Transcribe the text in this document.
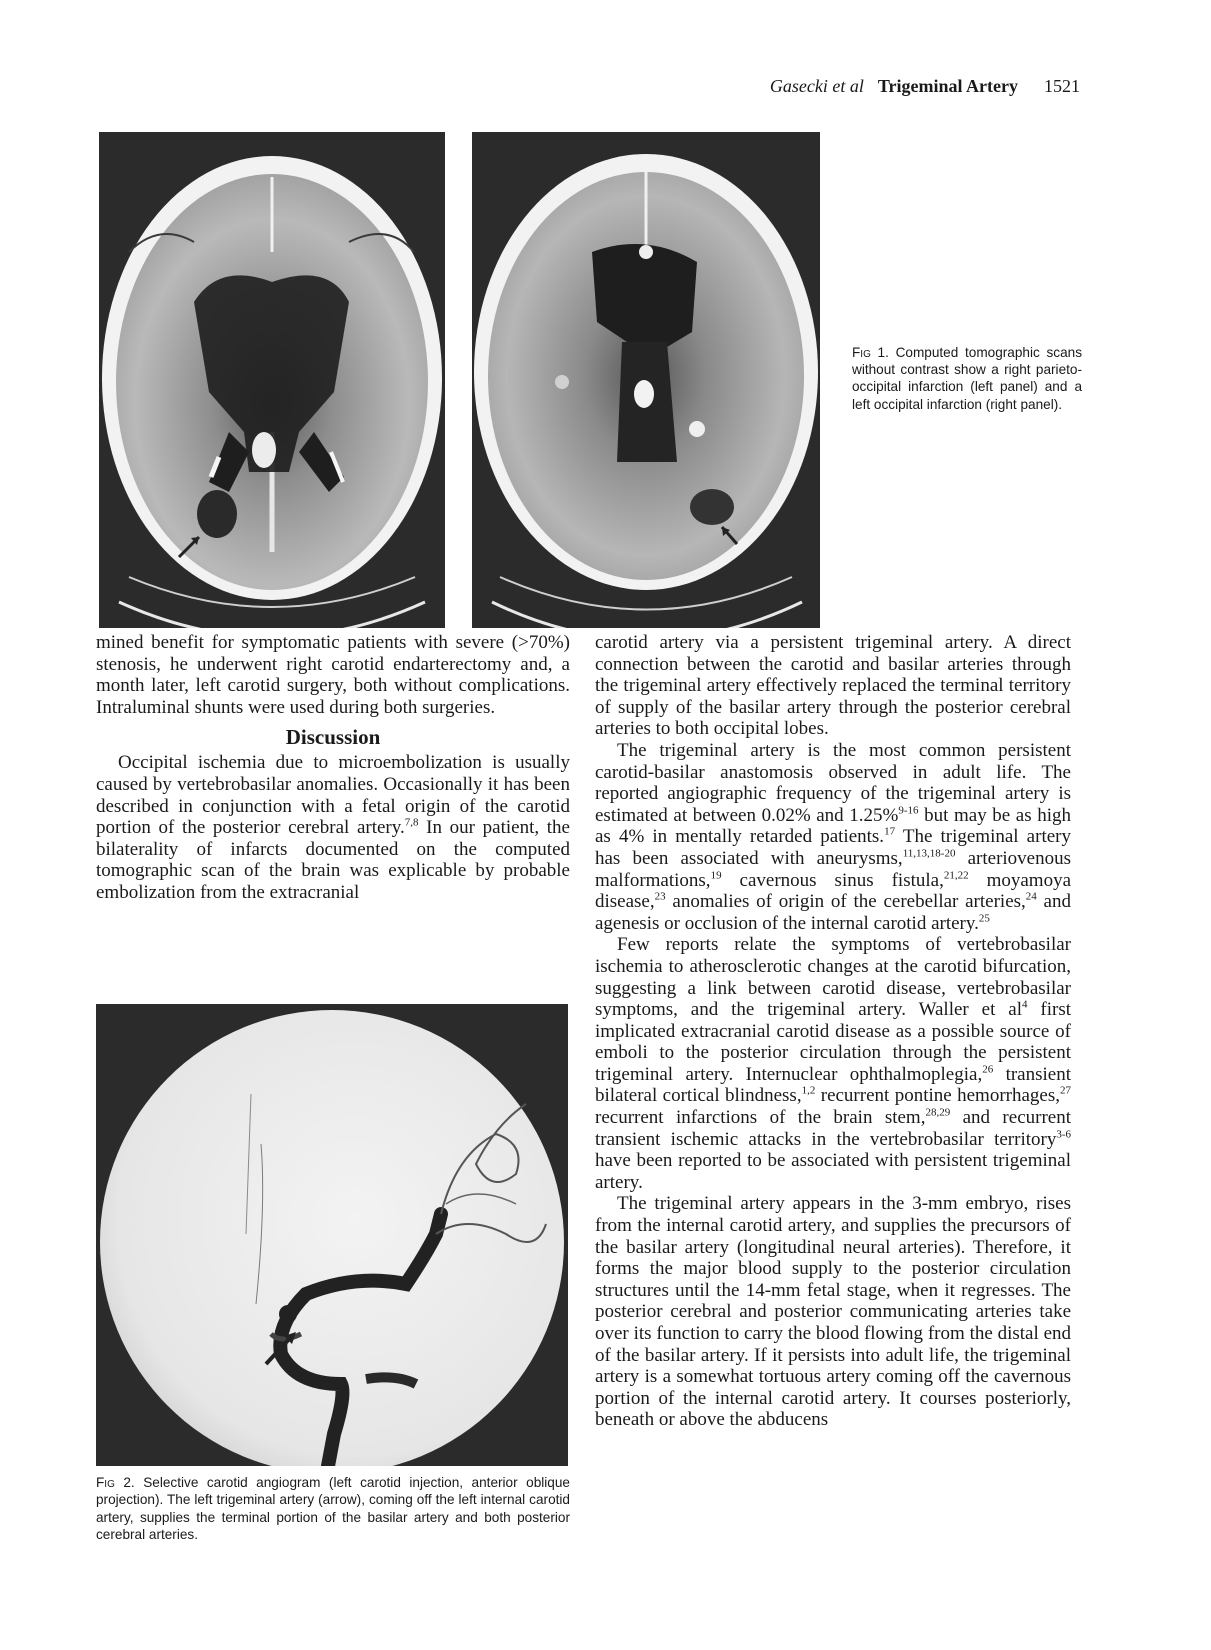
Gasecki et al Trigeminal Artery 1521
Fig 1. Computed tomographic scans without contrast show a right parieto-occipital infarction (left panel) and a left occipital infarction (right panel).

mined benefit for symptomatic patients with severe (>70%) stenosis, he underwent right carotid endarterectomy and, a month later, left carotid surgery, both without complications. Intraluminal shunts were used during both surgeries.

Discussion

Occipital ischemia due to microembolization is usually caused by vertebrobasilar anomalies. Occasionally it has been described in conjunction with a fetal origin of the carotid portion of the posterior cerebral artery.$^{7,8}$ In our patient, the bilaterality of infarcts documented on the computed tomographic scan of the brain was explicable by probable embolization from the extracranial

Fig 2. Selective carotid angiogram (left carotid injection, anterior oblique projection). The left trigeminal artery (arrow), coming off the left internal carotid artery, supplies the terminal portion of the basilar artery and both posterior cerebral arteries.

carotid artery via a persistent trigeminal artery. A direct connection between the carotid and basilar arteries through the trigeminal artery effectively replaced the terminal territory of supply of the basilar artery through the posterior cerebral arteries to both occipital lobes.

The trigeminal artery is the most common persistent carotid-basilar anastomosis observed in adult life. The reported angiographic frequency of the trigeminal artery is estimated at between 0.02% and 1.25%$^{9-16}$ but may be as high as 4% in mentally retarded patients.$^{17}$ The trigeminal artery has been associated with aneurysms,$^{11,13,18-20}$ arteriovenous malformations,$^{19}$ cavernous sinus fistula,$^{21,22}$ moyamoya disease,$^{23}$ anomalies of origin of the cerebellar arteries,$^{24}$ and agenesis or occlusion of the internal carotid artery.$^{25}$

Few reports relate the symptoms of vertebrobasilar ischemia to atherosclerotic changes at the carotid bifurcation, suggesting a link between carotid disease, vertebrobasilar symptoms, and the trigeminal artery. Waller et $al^4$ first implicated extracranial carotid disease as a possible source of emboli to the posterior circulation through the persistent trigeminal artery. Internuclear ophthalmoplegia,$^{26}$ transient bilateral cortical blindness,$^{1,2}$ recurrent pontine hemorrhages,$^{27}$ recurrent infarctions of the brain stem,$^{28,29}$ and recurrent transient ischemic attacks in the vertebrobasilar territory$^{3-6}$ have been reported to be associated with persistent trigeminal artery.

The trigeminal artery appears in the 3-mm embryo, rises from the internal carotid artery, and supplies the precursors of the basilar artery (longitudinal neural arteries). Therefore, it forms the major blood supply to the posterior circulation structures until the 14-mm fetal stage, when it regresses. The posterior cerebral and posterior communicating arteries take over its function to carry the blood flowing from the distal end of the basilar artery. If it persists into adult life, the trigeminal artery is a somewhat tortuous artery coming off the cavernous portion of the internal carotid artery. It courses posteriorly, beneath or above the abducens
